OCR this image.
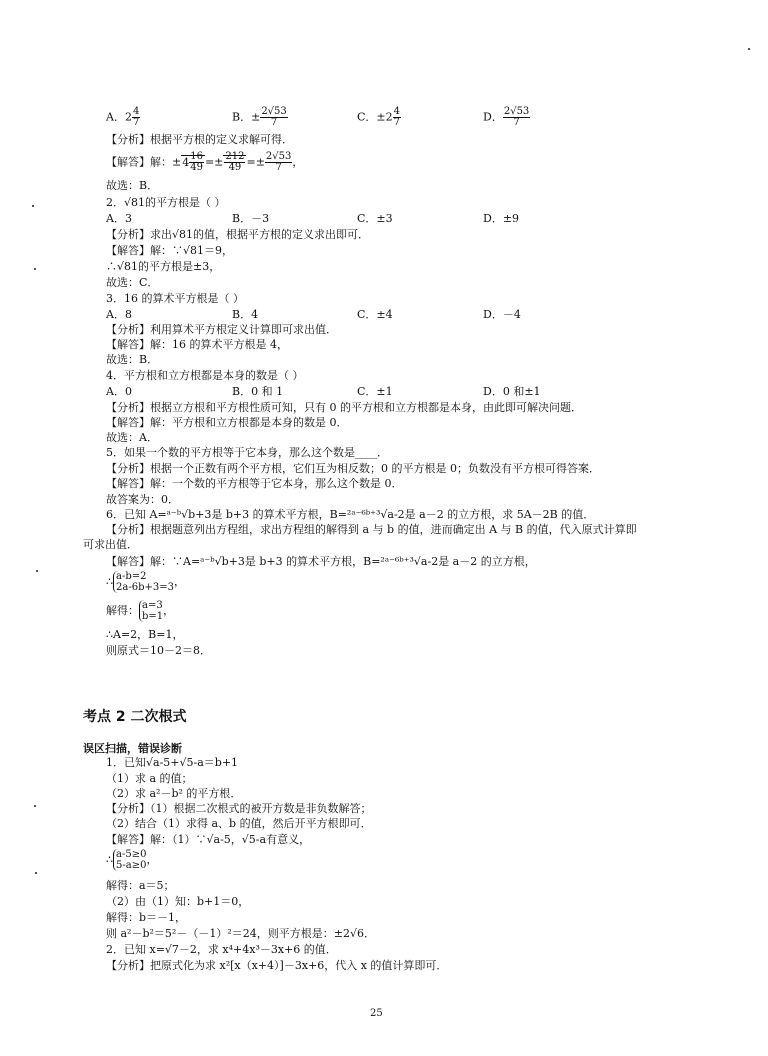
A．$2 \frac{4}{7}$	B．± $\frac{2√53}{7}$	C．$\pm 2 \frac{4}{7}$	D． $\frac{2√53}{7}$
【分析】根据平方根的定义求解可得．
【解答】解：$\pm 4 \frac{16}{49} =\pm \frac{212}{49} =\pm \frac{2√53}{7}$ ，
故选：B．
2．√81的平方根是（ ）
A．3	B．－3	C．±3	D．±9
【分析】求出√81的值，根据平方根的定义求出即可．
【解答】解：∵√81＝9，
∴√81的平方根是±3，
故选：C．
3．16 的算术平方根是（ ）
A．8	B．4	C．±4	D．－4
【分析】利用算术平方根定义计算即可求出值．
【解答】解：16 的算术平方根是 4，
故选：B．
4．平方根和立方根都是本身的数是（ ）
A．0	B．0 和 1	C．±1	D．0 和±1
【分析】根据立方根和平方根性质可知，只有 0 的平方根和立方根都是本身，由此即可解决问题．
【解答】解：平方根和立方根都是本身的数是 0．
故选：A．
5．如果一个数的平方根等于它本身，那么这个数是____．
【分析】根据一个正数有两个平方根，它们互为相反数；0 的平方根是 0；负数没有平方根可得答案．
【解答】解：一个数的平方根等于它本身，那么这个数是 0．
故答案为：0．
6．已知 A=ᵃ⁻ᵇ√b+3是 b+3 的算术平方根，B=²ᵃ⁻⁶ᵇ⁺³√a-2是 a－2 的立方根，求 5A－2B 的值．
【分析】根据题意列出方程组，求出方程组的解得到 a 与 b 的值，进而确定出 A 与 B 的值，代入原式计算即
可求出值．
【解答】解：∵A=ᵃ⁻ᵇ√b+3是 b+3 的算术平方根，B=²ᵃ⁻⁶ᵇ⁺³√a-2是 a－2 的立方根，
∴ a-b=2
2a-6b+3=3 ，
解得： a=3
b=1 ，
∴A=2，B=1，
则原式＝10－2＝8．
考点 2 二次根式
误区扫描，错误诊断
1．已知√a-5+√5-a＝b+1
（1）求 a 的值；
（2）求 a²－b² 的平方根．
【分析】（1）根据二次根式的被开方数是非负数解答；
（2）结合（1）求得 a、b 的值，然后开平方根即可．
【解答】解：（1）∵√a-5，√5-a有意义，
∴ a-5≥0
5-a≥0 ，
解得：a＝5；
（2）由（1）知：b+1＝0，
解得：b＝－1，
则 a²－b²＝5²－（－1）²＝24，则平方根是：±2√6．
2．已知 x=√7－2，求 x⁴+4x³－3x+6 的值．
【分析】把原式化为求 x²[x（x+4）]－3x+6，代入 x 的值计算即可．
25
